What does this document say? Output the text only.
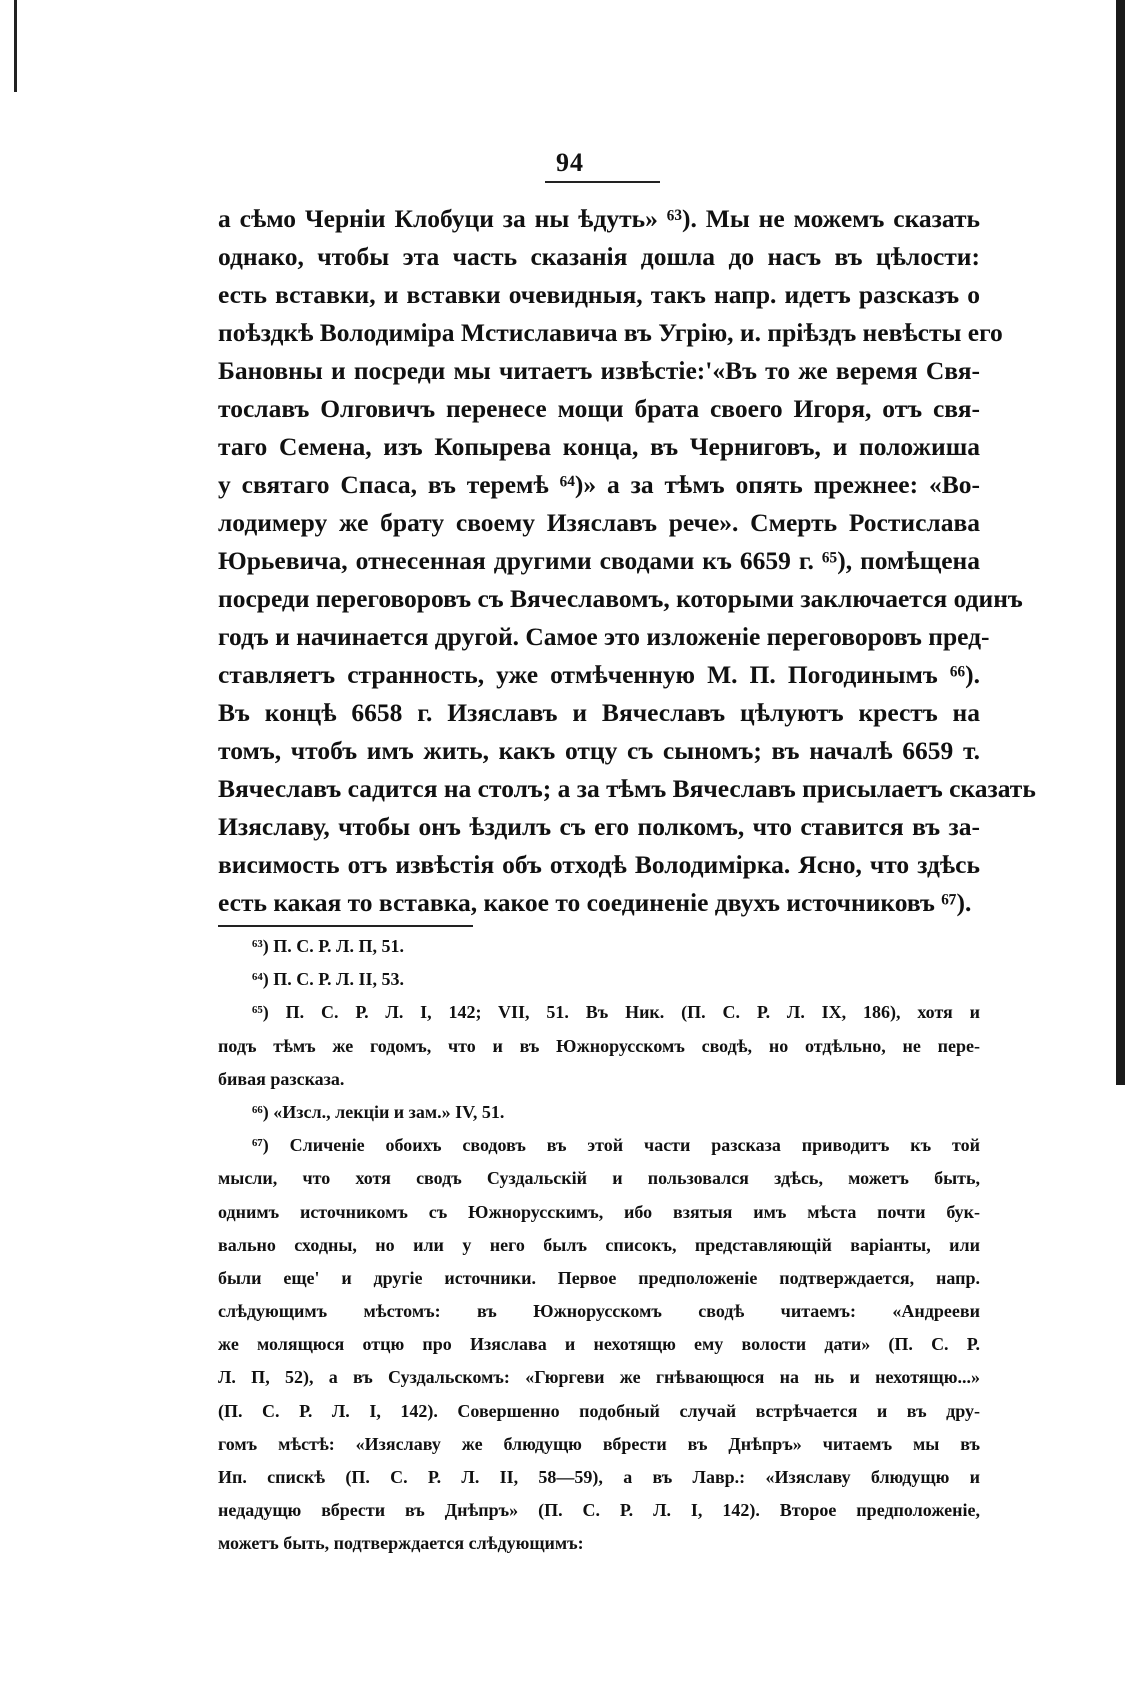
94
а сѣмо Черніи Клобуци за ны ѣдуть» ⁶³). Мы не можемъ сказать
однако, чтобы эта часть сказанія дошла до насъ въ цѣлости:
есть вставки, и вставки очевидныя, такъ напр. идетъ разсказъ о
поѣздкѣ Володиміра Мстиславича въ Угрію, и. пріѣздъ невѣсты его
Бановны и посреди мы читаетъ извѣстіе:'«Въ то же веремя Свя-
тославъ Олговичъ перенесе мощи брата своего Игоря, отъ свя-
таго Семена, изъ Копырева конца, въ Черниговъ, и положиша
у святаго Спаса, въ теремѣ ⁶⁴)» а за тѣмъ опять прежнее: «Во-
лодимеру же брату своему Изяславъ рече». Смерть Ростислава
Юрьевича, отнесенная другими сводами къ 6659 г. ⁶⁵), помѣщена
посреди переговоровъ съ Вячеславомъ, которыми заключается одинъ
годъ и начинается другой. Самое это изложеніе переговоровъ пред-
ставляетъ странность, уже отмѣченную М. П. Погодинымъ ⁶⁶).
Въ концѣ 6658 г. Изяславъ и Вячеславъ цѣлуютъ крестъ на
томъ, чтобъ имъ жить, какъ отцу съ сыномъ; въ началѣ 6659 т.
Вячеславъ садится на столъ; а за тѣмъ Вячеславъ присылаетъ сказать
Изяславу, чтобы онъ ѣздилъ съ его полкомъ, что ставится въ за-
висимость отъ извѣстія объ отходѣ Володимірка. Ясно, что здѣсь
есть какая то вставка, какое то соединеніе двухъ источниковъ ⁶⁷).
⁶³) П. С. Р. Л. П, 51.
⁶⁴) П. С. Р. Л. II, 53.
⁶⁵) П. С. Р. Л. I, 142; VII, 51. Въ Ник. (П. С. Р. Л. IX, 186), хотя и
подъ тѣмъ же годомъ, что и въ Южнорусскомъ сводѣ, но отдѣльно, не пере-
бивая разсказа.
⁶⁶) «Изсл., лекціи и зам.» IV, 51.
⁶⁷) Сличеніе обоихъ сводовъ въ этой части разсказа приводитъ къ той
мысли, что хотя сводъ Суздальскій и пользовался здѣсь, можетъ быть,
однимъ источникомъ съ Южнорусскимъ, ибо взятыя имъ мѣста почти бук-
вально сходны, но или у него былъ списокъ, представляющій варіанты, или
были еще' и другіе источники. Первое предположеніе подтверждается, напр.
слѣдующимъ мѣстомъ: въ Южнорусскомъ сводѣ читаемъ: «Андрееви
же молящюся отцю про Изяслава и нехотящю ему волости дати» (П. С. Р.
Л. П, 52), а въ Суздальскомъ: «Гюргеви же гнѣвающюся на нь и нехотящю...»
(П. С. Р. Л. I, 142). Совершенно подобный случай встрѣчается и въ дру-
гомъ мѣстѣ: «Изяславу же блюдущю вбрести въ Днѣпръ» читаемъ мы въ
Ип. спискѣ (П. С. Р. Л. II, 58—59), а въ Лавр.: «Изяславу блюдущю и
недадущю вбрести въ Днѣпръ» (П. С. Р. Л. I, 142). Второе предположеніе,
можетъ быть, подтверждается слѣдующимъ:
